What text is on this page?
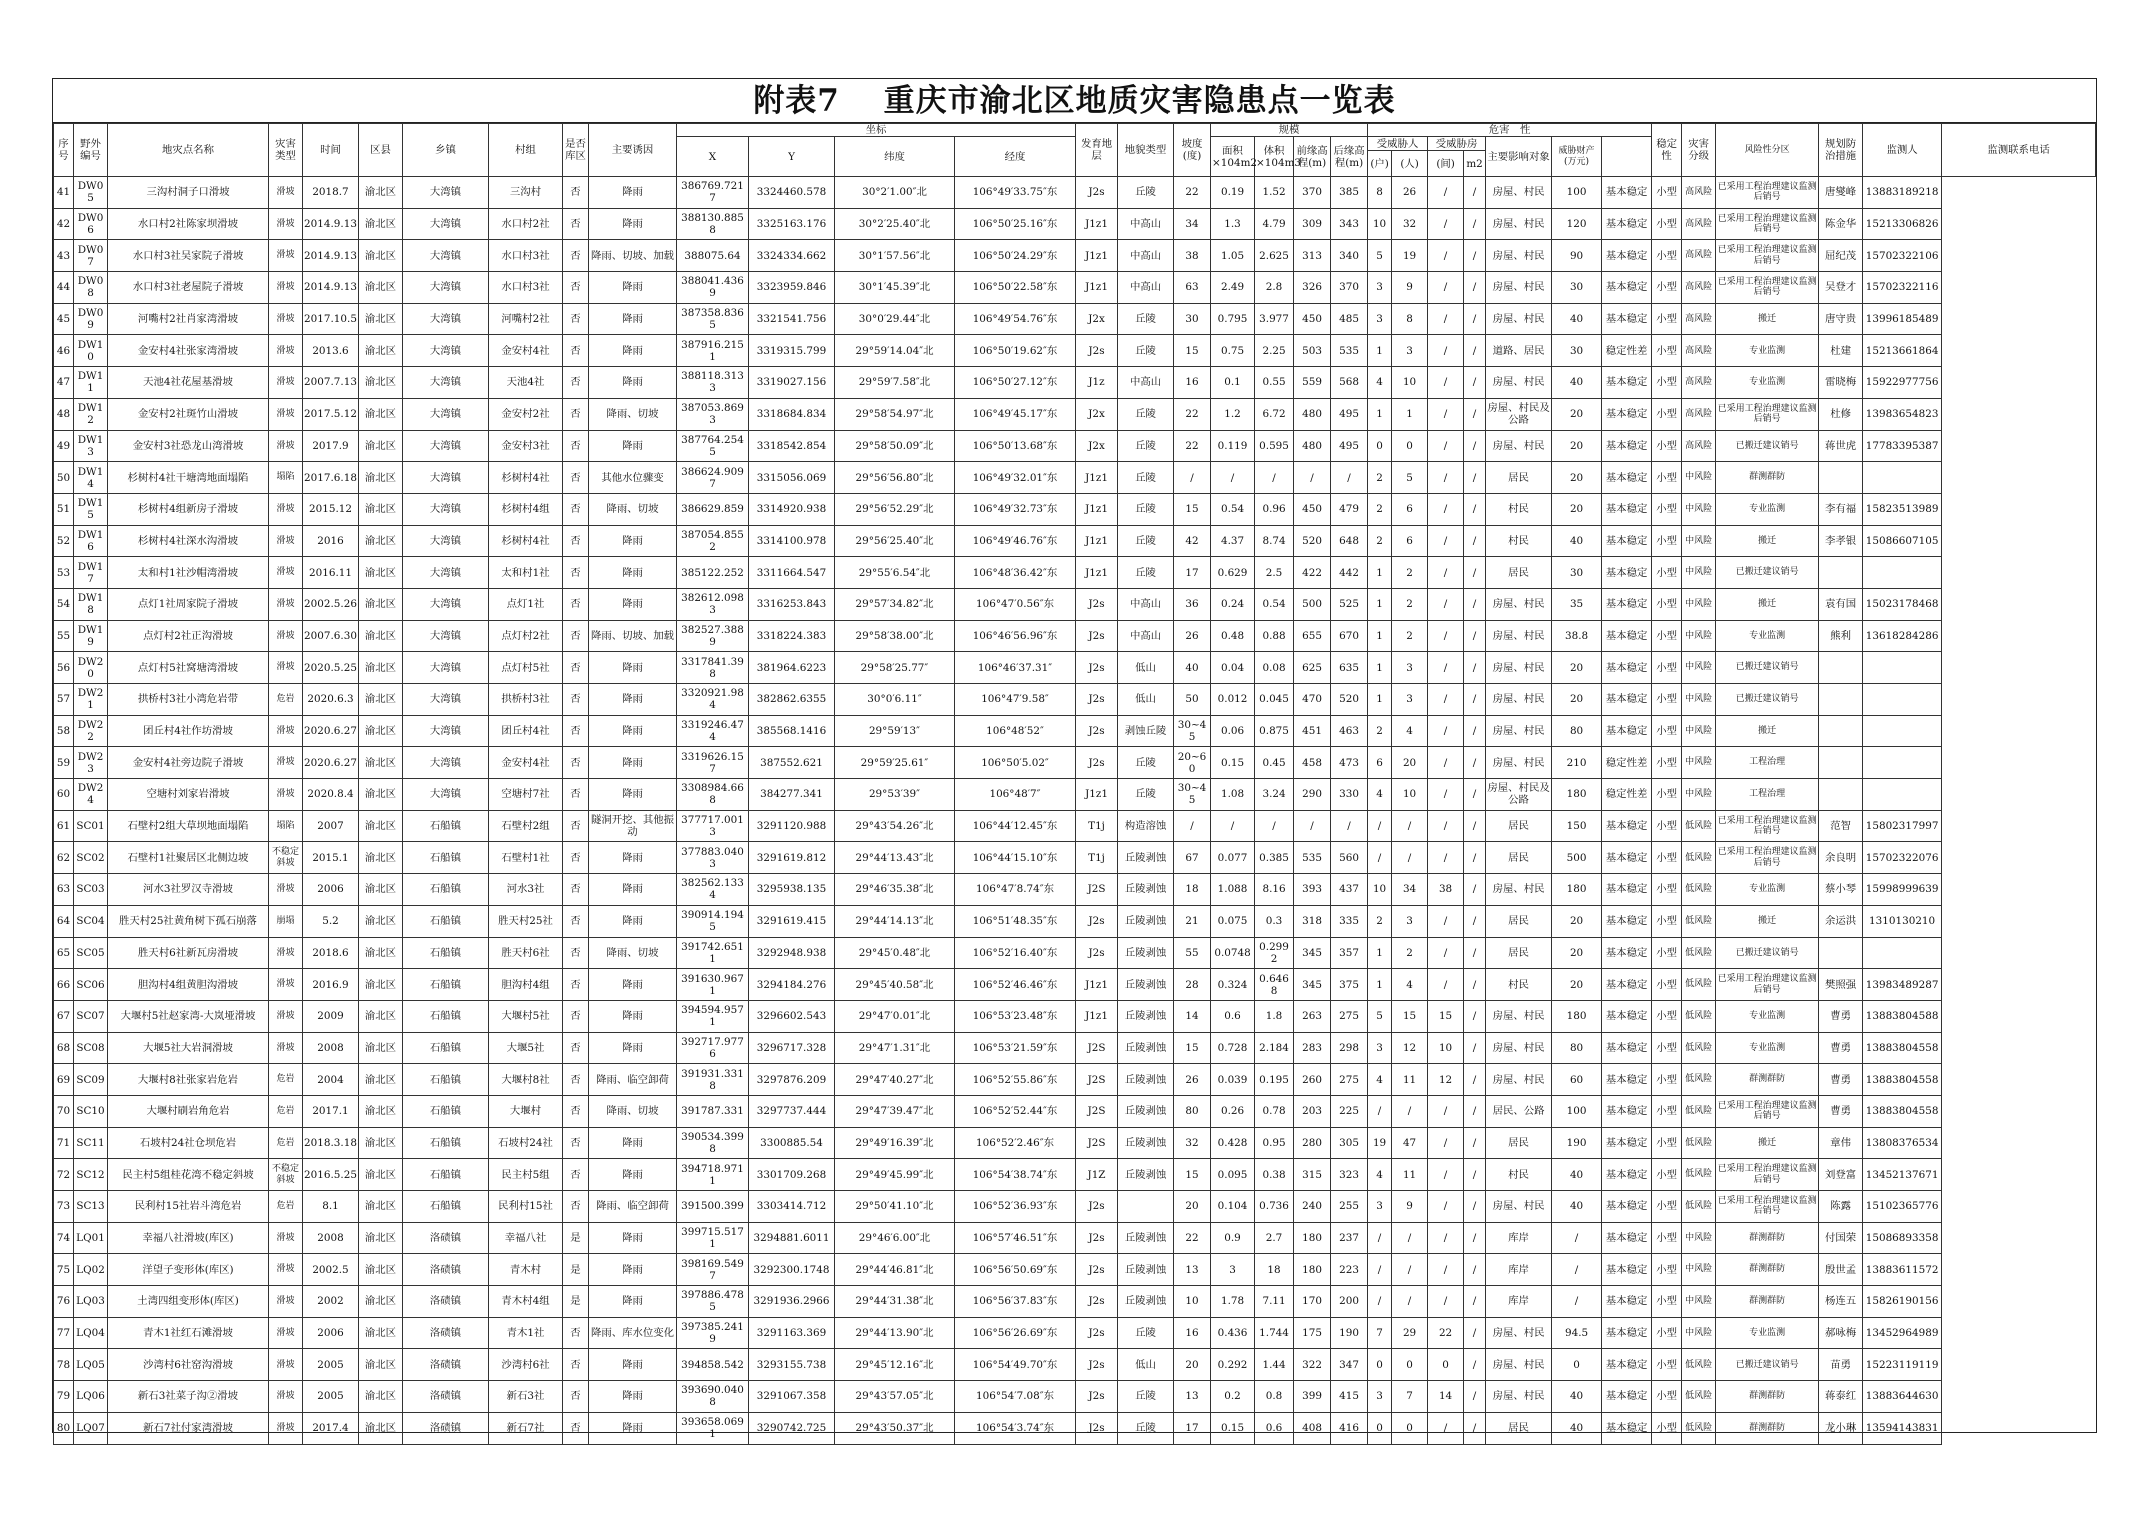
附表7　 重庆市渝北区地质灾害隐患点一览表
序号	野外编号	地灾点名称	灾害类型	时间	区县	乡镇	村组	是否库区	主要诱因	坐标				发育地层	地貌类型	坡度(度)	规模				危害　性							稳定性	灾害分级	风险性分区	规划防治措施	监测人	监测联系电话
										X	Y	纬度	经度				面积×104m2	体积×104m3	前缘高程(m)	后缘高程(m)	受威胁人		受威胁房		主要影响对象	威胁财产(万元)							
																					(户)	(人)	(间)	m2									
41	DW05	三沟村洞子口滑坡	滑坡	2018.7	渝北区	大湾镇	三沟村	否	降雨	386769.7217	3324460.578	30°2′1.00″北	106°49′33.75″东	J2s	丘陵	22	0.19	1.52	370	385	8	26	/	/	房屋、村民	100	基本稳定	小型	高风险	已采用工程治理建议监测后销号	唐燮峰	13883189218	
42	DW06	水口村2社陈家坝滑坡	滑坡	2014.9.13	渝北区	大湾镇	水口村2社	否	降雨	388130.8858	3325163.176	30°2′25.40″北	106°50′25.16″东	J1z1	中高山	34	1.3	4.79	309	343	10	32	/	/	房屋、村民	120	基本稳定	小型	高风险	已采用工程治理建议监测后销号	陈金华	15213306826	
43	DW07	水口村3社吴家院子滑坡	滑坡	2014.9.13	渝北区	大湾镇	水口村3社	否	降雨、切坡、加载	388075.64	3324334.662	30°1′57.56″北	106°50′24.29″东	J1z1	中高山	38	1.05	2.625	313	340	5	19	/	/	房屋、村民	90	基本稳定	小型	高风险	已采用工程治理建议监测后销号	屈纪茂	15702322106	
44	DW08	水口村3社老屋院子滑坡	滑坡	2014.9.13	渝北区	大湾镇	水口村3社	否	降雨	388041.4369	3323959.846	30°1′45.39″北	106°50′22.58″东	J1z1	中高山	63	2.49	2.8	326	370	3	9	/	/	房屋、村民	30	基本稳定	小型	高风险	已采用工程治理建议监测后销号	吴登才	15702322116	
45	DW09	河嘴村2社肖家湾滑坡	滑坡	2017.10.5	渝北区	大湾镇	河嘴村2社	否	降雨	387358.8365	3321541.756	30°0′29.44″北	106°49′54.76″东	J2x	丘陵	30	0.795	3.977	450	485	3	8	/	/	房屋、村民	40	基本稳定	小型	高风险	搬迁	唐守贵	13996185489	
46	DW10	金安村4社张家湾滑坡	滑坡	2013.6	渝北区	大湾镇	金安村4社	否	降雨	387916.2151	3319315.799	29°59′14.04″北	106°50′19.62″东	J2s	丘陵	15	0.75	2.25	503	535	1	3	/	/	道路、居民	30	稳定性差	小型	高风险	专业监测	杜建	15213661864	
47	DW11	天池4社花屋基滑坡	滑坡	2007.7.13	渝北区	大湾镇	天池4社	否	降雨	388118.3133	3319027.156	29°59′7.58″北	106°50′27.12″东	J1z	中高山	16	0.1	0.55	559	568	4	10	/	/	房屋、村民	40	基本稳定	小型	高风险	专业监测	雷晓梅	15922977756	
48	DW12	金安村2社斑竹山滑坡	滑坡	2017.5.12	渝北区	大湾镇	金安村2社	否	降雨、切坡	387053.8693	3318684.834	29°58′54.97″北	106°49′45.17″东	J2x	丘陵	22	1.2	6.72	480	495	1	1	/	/	房屋、村民及公路	20	基本稳定	小型	高风险	已采用工程治理建议监测后销号	杜修	13983654823	
49	DW13	金安村3社恐龙山湾滑坡	滑坡	2017.9	渝北区	大湾镇	金安村3社	否	降雨	387764.2545	3318542.854	29°58′50.09″北	106°50′13.68″东	J2x	丘陵	22	0.119	0.595	480	495	0	0	/	/	房屋、村民	20	基本稳定	小型	高风险	已搬迁建议销号	蒋世虎	17783395387	
50	DW14	杉树村4社干塘湾地面塌陷	塌陷	2017.6.18	渝北区	大湾镇	杉树村4社	否	其他水位骤变	386624.9097	3315056.069	29°56′56.80″北	106°49′32.01″东	J1z1	丘陵	/	/	/	/	/	2	5	/	/	居民	20	基本稳定	小型	中风险	群测群防			
51	DW15	杉树村4组新房子滑坡	滑坡	2015.12	渝北区	大湾镇	杉树村4组	否	降雨、切坡	386629.859	3314920.938	29°56′52.29″北	106°49′32.73″东	J1z1	丘陵	15	0.54	0.96	450	479	2	6	/	/	村民	20	基本稳定	小型	中风险	专业监测	李有福	15823513989	
52	DW16	杉树村4社深水沟滑坡	滑坡	2016	渝北区	大湾镇	杉树村4社	否	降雨	387054.8552	3314100.978	29°56′25.40″北	106°49′46.76″东	J1z1	丘陵	42	4.37	8.74	520	648	2	6	/	/	村民	40	基本稳定	小型	中风险	搬迁	李孝银	15086607105	
53	DW17	太和村1社沙帽湾滑坡	滑坡	2016.11	渝北区	大湾镇	太和村1社	否	降雨	385122.252	3311664.547	29°55′6.54″北	106°48′36.42″东	J1z1	丘陵	17	0.629	2.5	422	442	1	2	/	/	居民	30	基本稳定	小型	中风险	已搬迁建议销号			
54	DW18	点灯1社周家院子滑坡	滑坡	2002.5.26	渝北区	大湾镇	点灯1社	否	降雨	382612.0983	3316253.843	29°57′34.82″北	106°47′0.56″东	J2s	中高山	36	0.24	0.54	500	525	1	2	/	/	房屋、村民	35	基本稳定	小型	中风险	搬迁	袁有国	15023178468	
55	DW19	点灯村2社正沟滑坡	滑坡	2007.6.30	渝北区	大湾镇	点灯村2社	否	降雨、切坡、加载	382527.3889	3318224.383	29°58′38.00″北	106°46′56.96″东	J2s	中高山	26	0.48	0.88	655	670	1	2	/	/	房屋、村民	38.8	基本稳定	小型	中风险	专业监测	熊利	13618284286	
56	DW20	点灯村5社窝塘湾滑坡	滑坡	2020.5.25	渝北区	大湾镇	点灯村5社	否	降雨	3317841.398	381964.6223	29°58′25.77″	106°46′37.31″	J2s	低山	40	0.04	0.08	625	635	1	3	/	/	房屋、村民	20	基本稳定	小型	中风险	已搬迁建议销号			
57	DW21	拱桥村3社小湾危岩带	危岩	2020.6.3	渝北区	大湾镇	拱桥村3社	否	降雨	3320921.984	382862.6355	30°0′6.11″	106°47′9.58″	J2s	低山	50	0.012	0.045	470	520	1	3	/	/	房屋、村民	20	基本稳定	小型	中风险	已搬迁建议销号			
58	DW22	团丘村4社作坊滑坡	滑坡	2020.6.27	渝北区	大湾镇	团丘村4社	否	降雨	3319246.474	385568.1416	29°59′13″	106°48′52″	J2s	剥蚀丘陵	30~45	0.06	0.875	451	463	2	4	/	/	房屋、村民	80	基本稳定	小型	中风险	搬迁			
59	DW23	金安村4社旁边院子滑坡	滑坡	2020.6.27	渝北区	大湾镇	金安村4社	否	降雨	3319626.157	387552.621	29°59′25.61″	106°50′5.02″	J2s	丘陵	20~60	0.15	0.45	458	473	6	20	/	/	房屋、村民	210	稳定性差	小型	中风险	工程治理			
60	DW24	空塘村刘家岩滑坡	滑坡	2020.8.4	渝北区	大湾镇	空塘村7社	否	降雨	3308984.668	384277.341	29°53′39″	106°48′7″	J1z1	丘陵	30~45	1.08	3.24	290	330	4	10	/	/	房屋、村民及公路	180	稳定性差	小型	中风险	工程治理			
61	SC01	石壁村2组大草坝地面塌陷	塌陷	2007	渝北区	石船镇	石壁村2组	否	隧洞开挖、其他振动	377717.0013	3291120.988	29°43′54.26″北	106°44′12.45″东	T1j	构造溶蚀	/	/	/	/	/	/	/	/	/	居民	150	基本稳定	小型	低风险	已采用工程治理建议监测后销号	范智	15802317997	
62	SC02	石壁村1社聚居区北侧边坡	不稳定斜坡	2015.1	渝北区	石船镇	石壁村1社	否	降雨	377883.0403	3291619.812	29°44′13.43″北	106°44′15.10″东	T1j	丘陵剥蚀	67	0.077	0.385	535	560	/	/	/	/	居民	500	基本稳定	小型	低风险	已采用工程治理建议监测后销号	余良明	15702322076	
63	SC03	河水3社罗汉寺滑坡	滑坡	2006	渝北区	石船镇	河水3社	否	降雨	382562.1334	3295938.135	29°46′35.38″北	106°47′8.74″东	J2S	丘陵剥蚀	18	1.088	8.16	393	437	10	34	38	/	房屋、村民	180	基本稳定	小型	低风险	专业监测	蔡小琴	15998999639	
64	SC04	胜天村25社黄角树下孤石崩落	崩塌	5.2	渝北区	石船镇	胜天村25社	否	降雨	390914.1945	3291619.415	29°44′14.13″北	106°51′48.35″东	J2s	丘陵剥蚀	21	0.075	0.3	318	335	2	3	/	/	居民	20	基本稳定	小型	低风险	搬迁	余运洪	1310130210	
65	SC05	胜天村6社新瓦房滑坡	滑坡	2018.6	渝北区	石船镇	胜天村6社	否	降雨、切坡	391742.6511	3292948.938	29°45′0.48″北	106°52′16.40″东	J2s	丘陵剥蚀	55	0.0748	0.2992	345	357	1	2	/	/	居民	20	基本稳定	小型	低风险	已搬迁建议销号			
66	SC06	胆沟村4组黄胆沟滑坡	滑坡	2016.9	渝北区	石船镇	胆沟村4组	否	降雨	391630.9671	3294184.276	29°45′40.58″北	106°52′46.46″东	J1z1	丘陵剥蚀	28	0.324	0.6468	345	375	1	4	/	/	村民	20	基本稳定	小型	低风险	已采用工程治理建议监测后销号	樊照强	13983489287	
67	SC07	大堰村5社赵家湾-大岚垭滑坡	滑坡	2009	渝北区	石船镇	大堰村5社	否	降雨	394594.9571	3296602.543	29°47′0.01″北	106°53′23.48″东	J1z1	丘陵剥蚀	14	0.6	1.8	263	275	5	15	15	/	房屋、村民	180	基本稳定	小型	低风险	专业监测	曹勇	13883804588	
68	SC08	大堰5社大岩洞滑坡	滑坡	2008	渝北区	石船镇	大堰5社	否	降雨	392717.9776	3296717.328	29°47′1.31″北	106°53′21.59″东	J2S	丘陵剥蚀	15	0.728	2.184	283	298	3	12	10	/	房屋、村民	80	基本稳定	小型	低风险	专业监测	曹勇	13883804558	
69	SC09	大堰村8社张家岩危岩	危岩	2004	渝北区	石船镇	大堰村8社	否	降雨、临空卸荷	391931.3318	3297876.209	29°47′40.27″北	106°52′55.86″东	J2S	丘陵剥蚀	26	0.039	0.195	260	275	4	11	12	/	房屋、村民	60	基本稳定	小型	低风险	群测群防	曹勇	13883804558	
70	SC10	大堰村刷岩角危岩	危岩	2017.1	渝北区	石船镇	大堰村	否	降雨、切坡	391787.331	3297737.444	29°47′39.47″北	106°52′52.44″东	J2S	丘陵剥蚀	80	0.26	0.78	203	225	/	/	/	/	居民、公路	100	基本稳定	小型	低风险	已采用工程治理建议监测后销号	曹勇	13883804558	
71	SC11	石坡村24社仓坝危岩	危岩	2018.3.18	渝北区	石船镇	石坡村24社	否	降雨	390534.3998	3300885.54	29°49′16.39″北	106°52′2.46″东	J2S	丘陵剥蚀	32	0.428	0.95	280	305	19	47	/	/	居民	190	基本稳定	小型	低风险	搬迁	章伟	13808376534	
72	SC12	民主村5组桂花湾不稳定斜坡	不稳定斜坡	2016.5.25	渝北区	石船镇	民主村5组	否	降雨	394718.9711	3301709.268	29°49′45.99″北	106°54′38.74″东	J1Z	丘陵剥蚀	15	0.095	0.38	315	323	4	11	/	/	村民	40	基本稳定	小型	低风险	已采用工程治理建议监测后销号	刘登富	13452137671	
73	SC13	民利村15社岩斗湾危岩	危岩	8.1	渝北区	石船镇	民利村15社	否	降雨、临空卸荷	391500.399	3303414.712	29°50′41.10″北	106°52′36.93″东	J2s		20	0.104	0.736	240	255	3	9	/	/	房屋、村民	40	基本稳定	小型	低风险	已采用工程治理建议监测后销号	陈露	15102365776	
74	LQ01	幸福八社滑坡(库区)	滑坡	2008	渝北区	洛碛镇	幸福八社	是	降雨	399715.5171	3294881.6011	29°46′6.00″北	106°57′46.51″东	J2s	丘陵剥蚀	22	0.9	2.7	180	237	/	/	/	/	库岸	/	基本稳定	小型	中风险	群测群防	付国荣	15086893358	
75	LQ02	洋望子变形体(库区)	滑坡	2002.5	渝北区	洛碛镇	青木村	是	降雨	398169.5497	3292300.1748	29°44′46.81″北	106°56′50.69″东	J2s	丘陵剥蚀	13	3	18	180	223	/	/	/	/	库岸	/	基本稳定	小型	中风险	群测群防	殷世孟	13883611572	
76	LQ03	土湾四组变形体(库区)	滑坡	2002	渝北区	洛碛镇	青木村4组	是	降雨	397886.4785	3291936.2966	29°44′31.38″北	106°56′37.83″东	J2s	丘陵剥蚀	10	1.78	7.11	170	200	/	/	/	/	库岸	/	基本稳定	小型	中风险	群测群防	杨连五	15826190156	
77	LQ04	青木1社红石滩滑坡	滑坡	2006	渝北区	洛碛镇	青木1社	否	降雨、库水位变化	397385.2419	3291163.369	29°44′13.90″北	106°56′26.69″东	J2s	丘陵	16	0.436	1.744	175	190	7	29	22	/	房屋、村民	94.5	基本稳定	小型	中风险	专业监测	郝咏梅	13452964989	
78	LQ05	沙湾村6社窑沟滑坡	滑坡	2005	渝北区	洛碛镇	沙湾村6社	否	降雨	394858.542	3293155.738	29°45′12.16″北	106°54′49.70″东	J2s	低山	20	0.292	1.44	322	347	0	0	0	/	房屋、村民	0	基本稳定	小型	低风险	已搬迁建议销号	苗勇	15223119119	
79	LQ06	新石3社菜子沟②滑坡	滑坡	2005	渝北区	洛碛镇	新石3社	否	降雨	393690.0408	3291067.358	29°43′57.05″北	106°54′7.08″东	J2s	丘陵	13	0.2	0.8	399	415	3	7	14	/	房屋、村民	40	基本稳定	小型	低风险	群测群防	蒋泰红	13883644630	
80	LQ07	新石7社付家湾滑坡	滑坡	2017.4	渝北区	洛碛镇	新石7社	否	降雨	393658.0691	3290742.725	29°43′50.37″北	106°54′3.74″东	J2s	丘陵	17	0.15	0.6	408	416	0	0	/	/	居民	40	基本稳定	小型	低风险	群测群防	龙小琳	13594143831	
